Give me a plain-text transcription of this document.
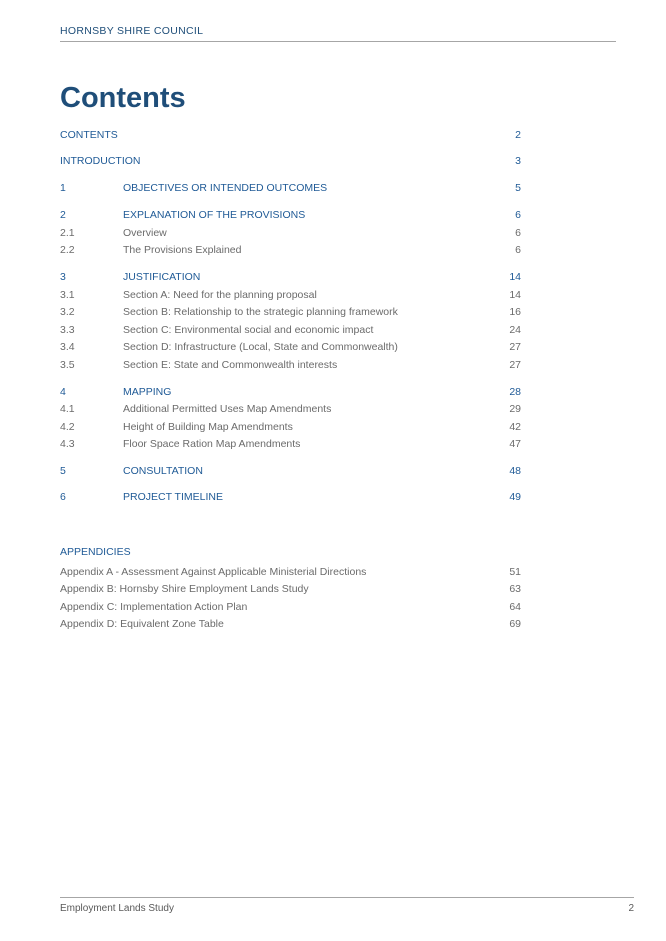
HORNSBY SHIRE COUNCIL
Contents
CONTENTS	2
INTRODUCTION	3
1	OBJECTIVES OR INTENDED OUTCOMES	5
2	EXPLANATION OF THE PROVISIONS	6
2.1	Overview	6
2.2	The Provisions Explained	6
3	JUSTIFICATION	14
3.1	Section A: Need for the planning proposal	14
3.2	Section B: Relationship to the strategic planning framework	16
3.3	Section C: Environmental social and economic impact	24
3.4	Section D: Infrastructure (Local, State and Commonwealth)	27
3.5	Section E: State and Commonwealth interests	27
4	MAPPING	28
4.1	Additional Permitted Uses Map Amendments	29
4.2	Height of Building Map Amendments	42
4.3	Floor Space Ration Map Amendments	47
5	CONSULTATION	48
6	PROJECT TIMELINE	49
APPENDICIES
Appendix A - Assessment Against Applicable Ministerial Directions	51
Appendix B: Hornsby Shire Employment Lands Study	63
Appendix C: Implementation Action Plan	64
Appendix D: Equivalent Zone Table	69
Employment Lands Study	2
